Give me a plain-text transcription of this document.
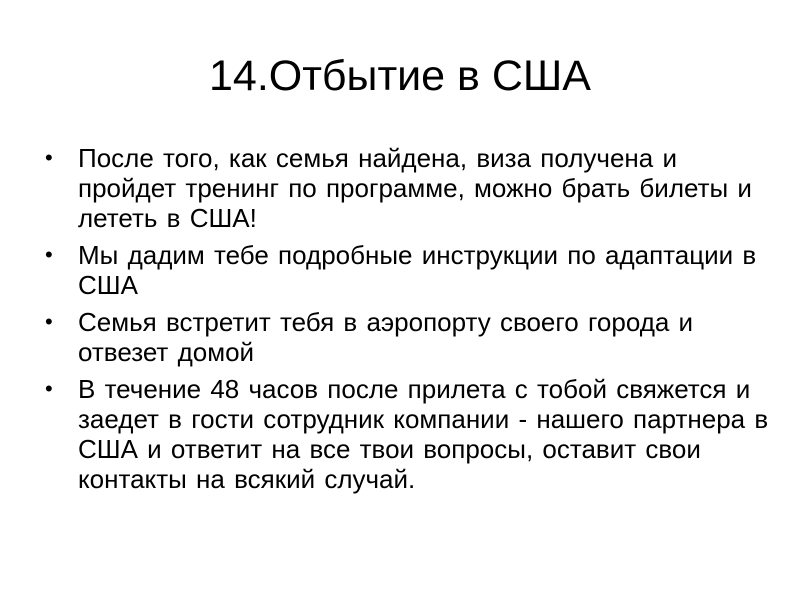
14.Отбытие в США
• После того, как семья найдена, виза получена и пройдет тренинг по программе, можно брать билеты и лететь в США!
• Мы дадим тебе подробные инструкции по адаптации в США
• Семья встретит тебя в аэропорту своего города и отвезет домой
• В течение 48 часов после прилета с тобой свяжется и заедет в гости сотрудник компании - нашего партнера в США и ответит на все твои вопросы, оставит свои контакты на всякий случай.
